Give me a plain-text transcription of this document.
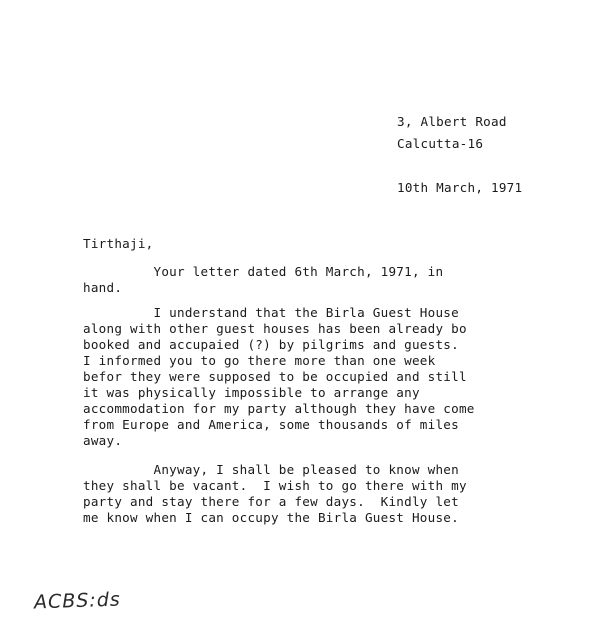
3, Albert Road
Calcutta-16
10th March, 1971
Tirthaji,
Your letter dated 6th March, 1971, in
hand.
I understand that the Birla Guest House
along with other guest houses has been already bo
booked and accupaied (?) by pilgrims and guests.
I informed you to go there more than one week
befor they were supposed to be occupied and still
it was physically impossible to arrange any
accommodation for my party although they have come
from Europe and America, some thousands of miles
away.
Anyway, I shall be pleased to know when
they shall be vacant.  I wish to go there with my
party and stay there for a few days.  Kindly let
me know when I can occupy the Birla Guest House.
ACBS:ds
